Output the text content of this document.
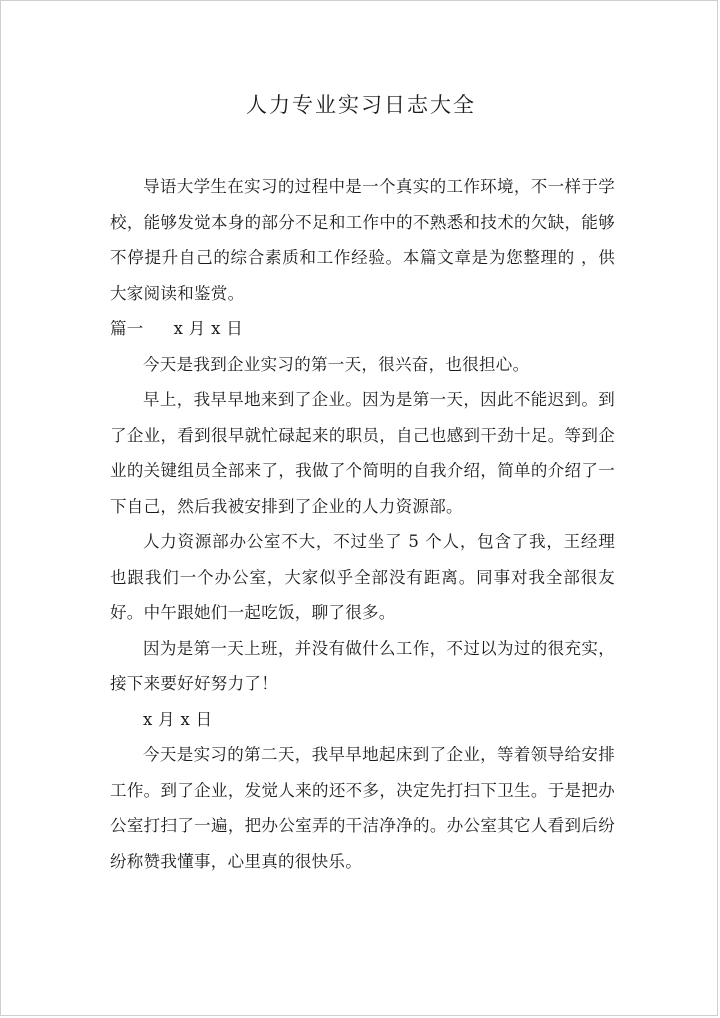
人力专业实习日志大全

导语大学生在实习的过程中是一个真实的工作环境，不一样于学校，能够发觉本身的部分不足和工作中的不熟悉和技术的欠缺，能够不停提升自己的综合素质和工作经验。本篇文章是为您整理的 ，供大家阅读和鉴赏。

篇一 x 月 x 日

今天是我到企业实习的第一天，很兴奋，也很担心。

早上，我早早地来到了企业。因为是第一天，因此不能迟到。到了企业，看到很早就忙碌起来的职员，自己也感到干劲十足。等到企业的关键组员全部来了，我做了个简明的自我介绍，简单的介绍了一下自己，然后我被安排到了企业的人力资源部。

人力资源部办公室不大，不过坐了 5 个人，包含了我，王经理也跟我们一个办公室，大家似乎全部没有距离。同事对我全部很友好。中午跟她们一起吃饭，聊了很多。

因为是第一天上班，并没有做什么工作，不过以为过的很充实，接下来要好好努力了！

x 月 x 日

今天是实习的第二天，我早早地起床到了企业，等着领导给安排工作。到了企业，发觉人来的还不多，决定先打扫下卫生。于是把办公室打扫了一遍，把办公室弄的干洁净净的。办公室其它人看到后纷纷称赞我懂事，心里真的很快乐。
